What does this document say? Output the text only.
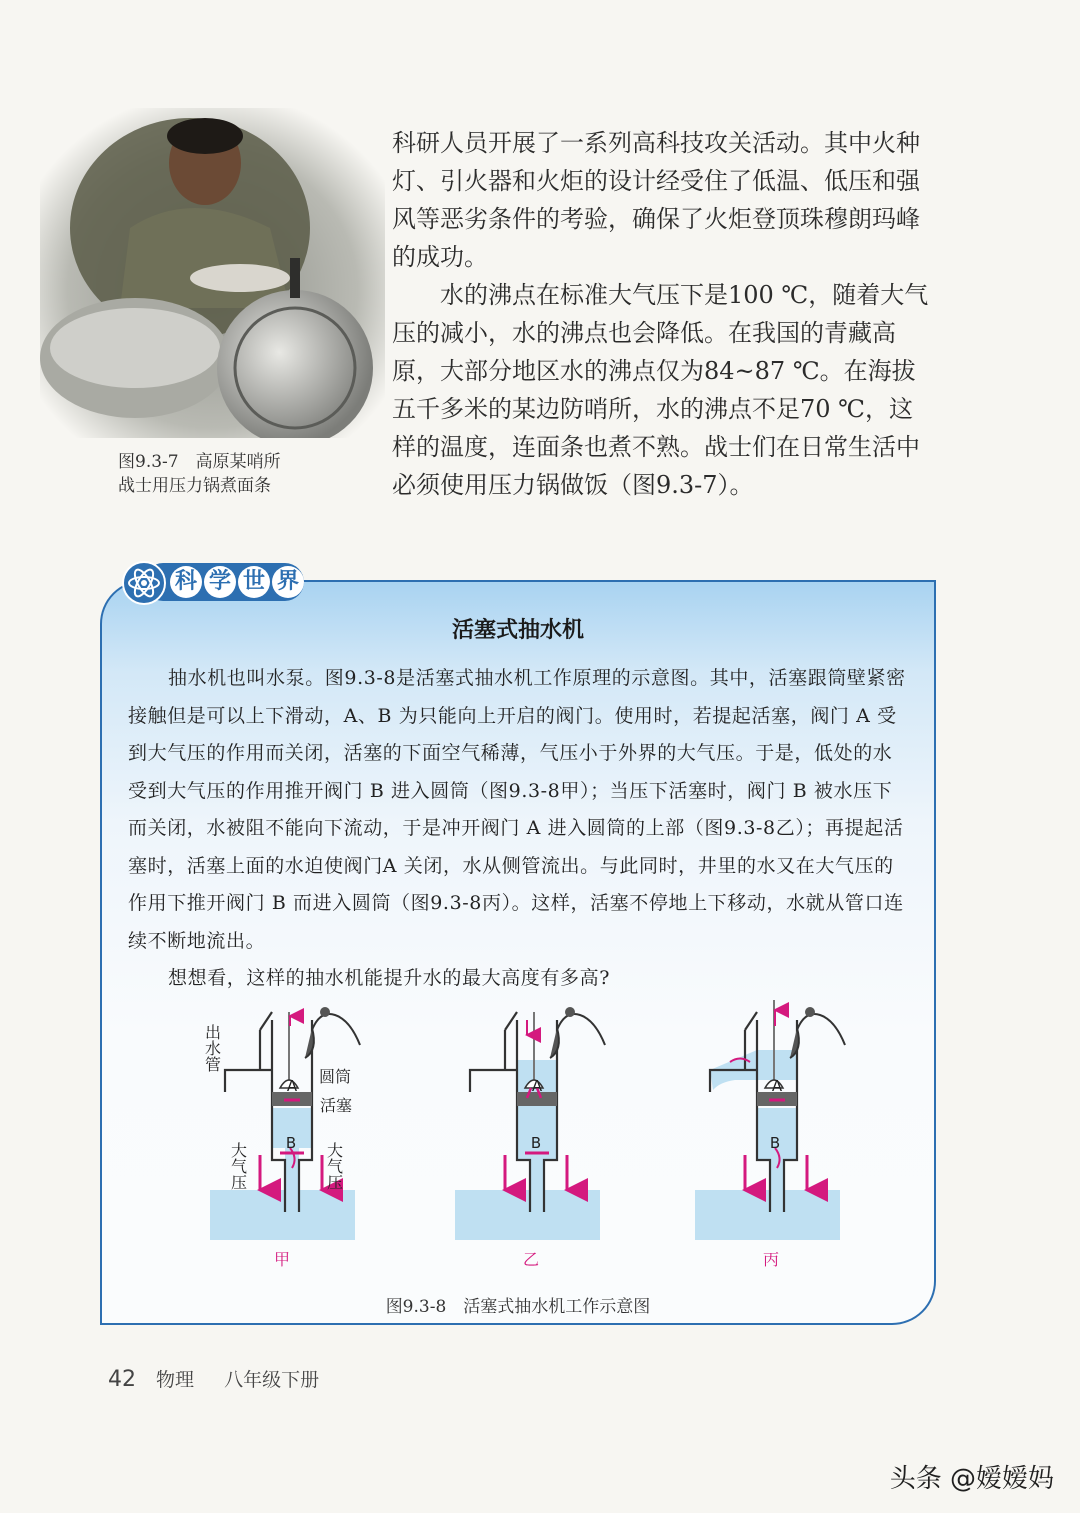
图9.3-7　高原某哨所
战士用压力锅煮面条

科研人员开展了一系列高科技攻关活动。其中火种灯、引火器和火炬的设计经受住了低温、低压和强风等恶劣条件的考验，确保了火炬登顶珠穆朗玛峰的成功。

水的沸点在标准大气压下是100 ℃，随着大气压的减小，水的沸点也会降低。在我国的青藏高原，大部分地区水的沸点仅为84~87 ℃。在海拔五千多米的某边防哨所，水的沸点不足70 ℃，这样的温度，连面条也煮不熟。战士们在日常生活中必须使用压力锅做饭（图9.3-7）。

科 学 世 界
活塞式抽水机

抽水机也叫水泵。图9.3-8是活塞式抽水机工作原理的示意图。其中，活塞跟筒壁紧密接触但是可以上下滑动，A、B 为只能向上开启的阀门。使用时，若提起活塞，阀门 A 受到大气压的作用而关闭，活塞的下面空气稀薄，气压小于外界的大气压。于是，低处的水受到大气压的作用推开阀门 B 进入圆筒（图9.3-8甲）；当压下活塞时，阀门 B 被水压下而关闭，水被阻不能向下流动，于是冲开阀门 A 进入圆筒的上部（图9.3-8乙）；再提起活塞时，活塞上面的水迫使阀门A 关闭，水从侧管流出。与此同时，井里的水又在大气压的作用下推开阀门 B 而进入圆筒（图9.3-8丙）。这样，活塞不停地上下移动，水就从管口连续不断地流出。

想想看，这样的抽水机能提升水的最大高度有多高?

A
B
出水管
圆筒
活塞
大气压	大气压
甲
A
B
乙
A
B
丙
图9.3-8　活塞式抽水机工作示意图
42 物理 八年级下册
头条 @嫒嫒妈
